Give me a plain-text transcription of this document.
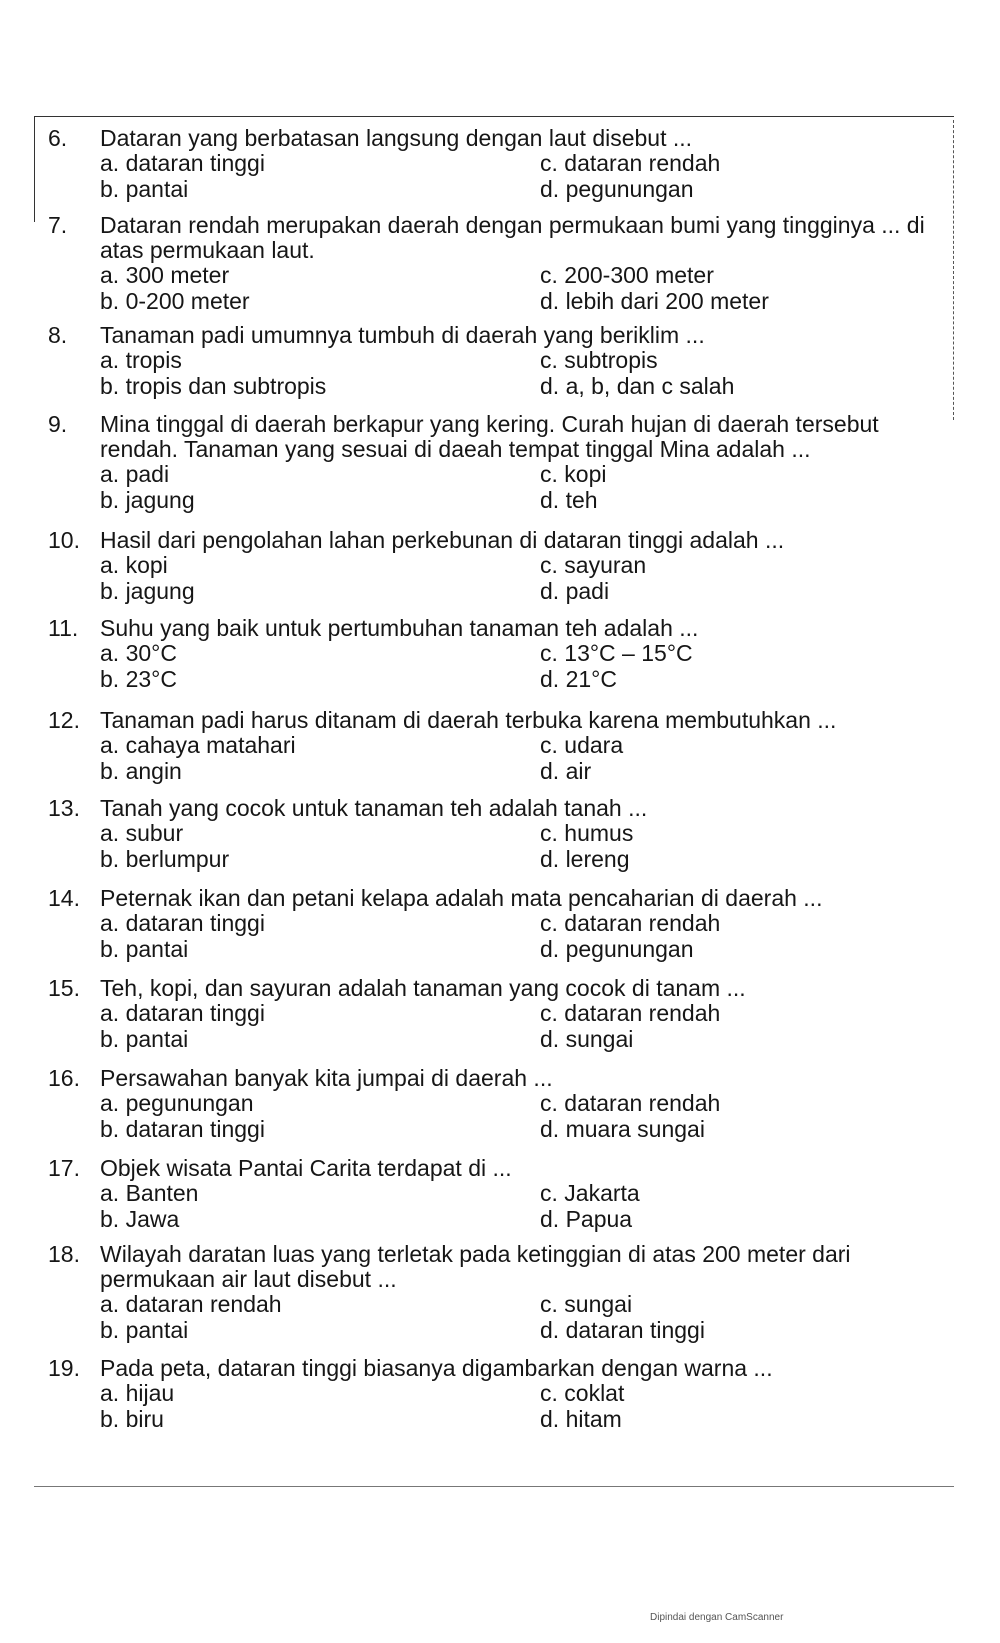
6.	Dataran yang berbatasan langsung dengan laut disebut ...
a. dataran tinggi	c. dataran rendah
b. pantai	d. pegunungan
7.	Dataran rendah merupakan daerah dengan permukaan bumi yang tingginya ... di atas permukaan laut.
a. 300 meter	c. 200-300 meter
b. 0-200 meter	d. lebih dari 200 meter
8.	Tanaman padi umumnya tumbuh di daerah yang beriklim ...
a. tropis	c. subtropis
b. tropis dan subtropis	d. a, b, dan c salah
9.	Mina tinggal di daerah berkapur yang kering. Curah hujan di daerah tersebut rendah. Tanaman yang sesuai di daeah tempat tinggal Mina adalah ...
a. padi	c. kopi
b. jagung	d. teh
10. Hasil dari pengolahan lahan perkebunan di dataran tinggi adalah ...
a. kopi	c. sayuran
b. jagung	d. padi
11. Suhu yang baik untuk pertumbuhan tanaman teh adalah ...
a. 30°C	c. 13°C – 15°C
b. 23°C	d. 21°C
12. Tanaman padi harus ditanam di daerah terbuka karena membutuhkan ...
a. cahaya matahari	c. udara
b. angin	d. air
13. Tanah yang cocok untuk tanaman teh adalah tanah ...
a. subur	c. humus
b. berlumpur	d. lereng
14. Peternak ikan dan petani kelapa adalah mata pencaharian di daerah ...
a. dataran tinggi	c. dataran rendah
b. pantai	d. pegunungan
15. Teh, kopi, dan sayuran adalah tanaman yang cocok di tanam ...
a. dataran tinggi	c. dataran rendah
b. pantai	d. sungai
16. Persawahan banyak kita jumpai di daerah ...
a. pegunungan	c. dataran rendah
b. dataran tinggi	d. muara sungai
17. Objek wisata Pantai Carita terdapat di ...
a. Banten	c. Jakarta
b. Jawa	d. Papua
18. Wilayah daratan luas yang terletak pada ketinggian di atas 200 meter dari permukaan air laut disebut ...
a. dataran rendah	c. sungai
b. pantai	d. dataran tinggi
19. Pada peta, dataran tinggi biasanya digambarkan dengan warna ...
a. hijau	c. coklat
b. biru	d. hitam
Dipindai dengan CamScanner
